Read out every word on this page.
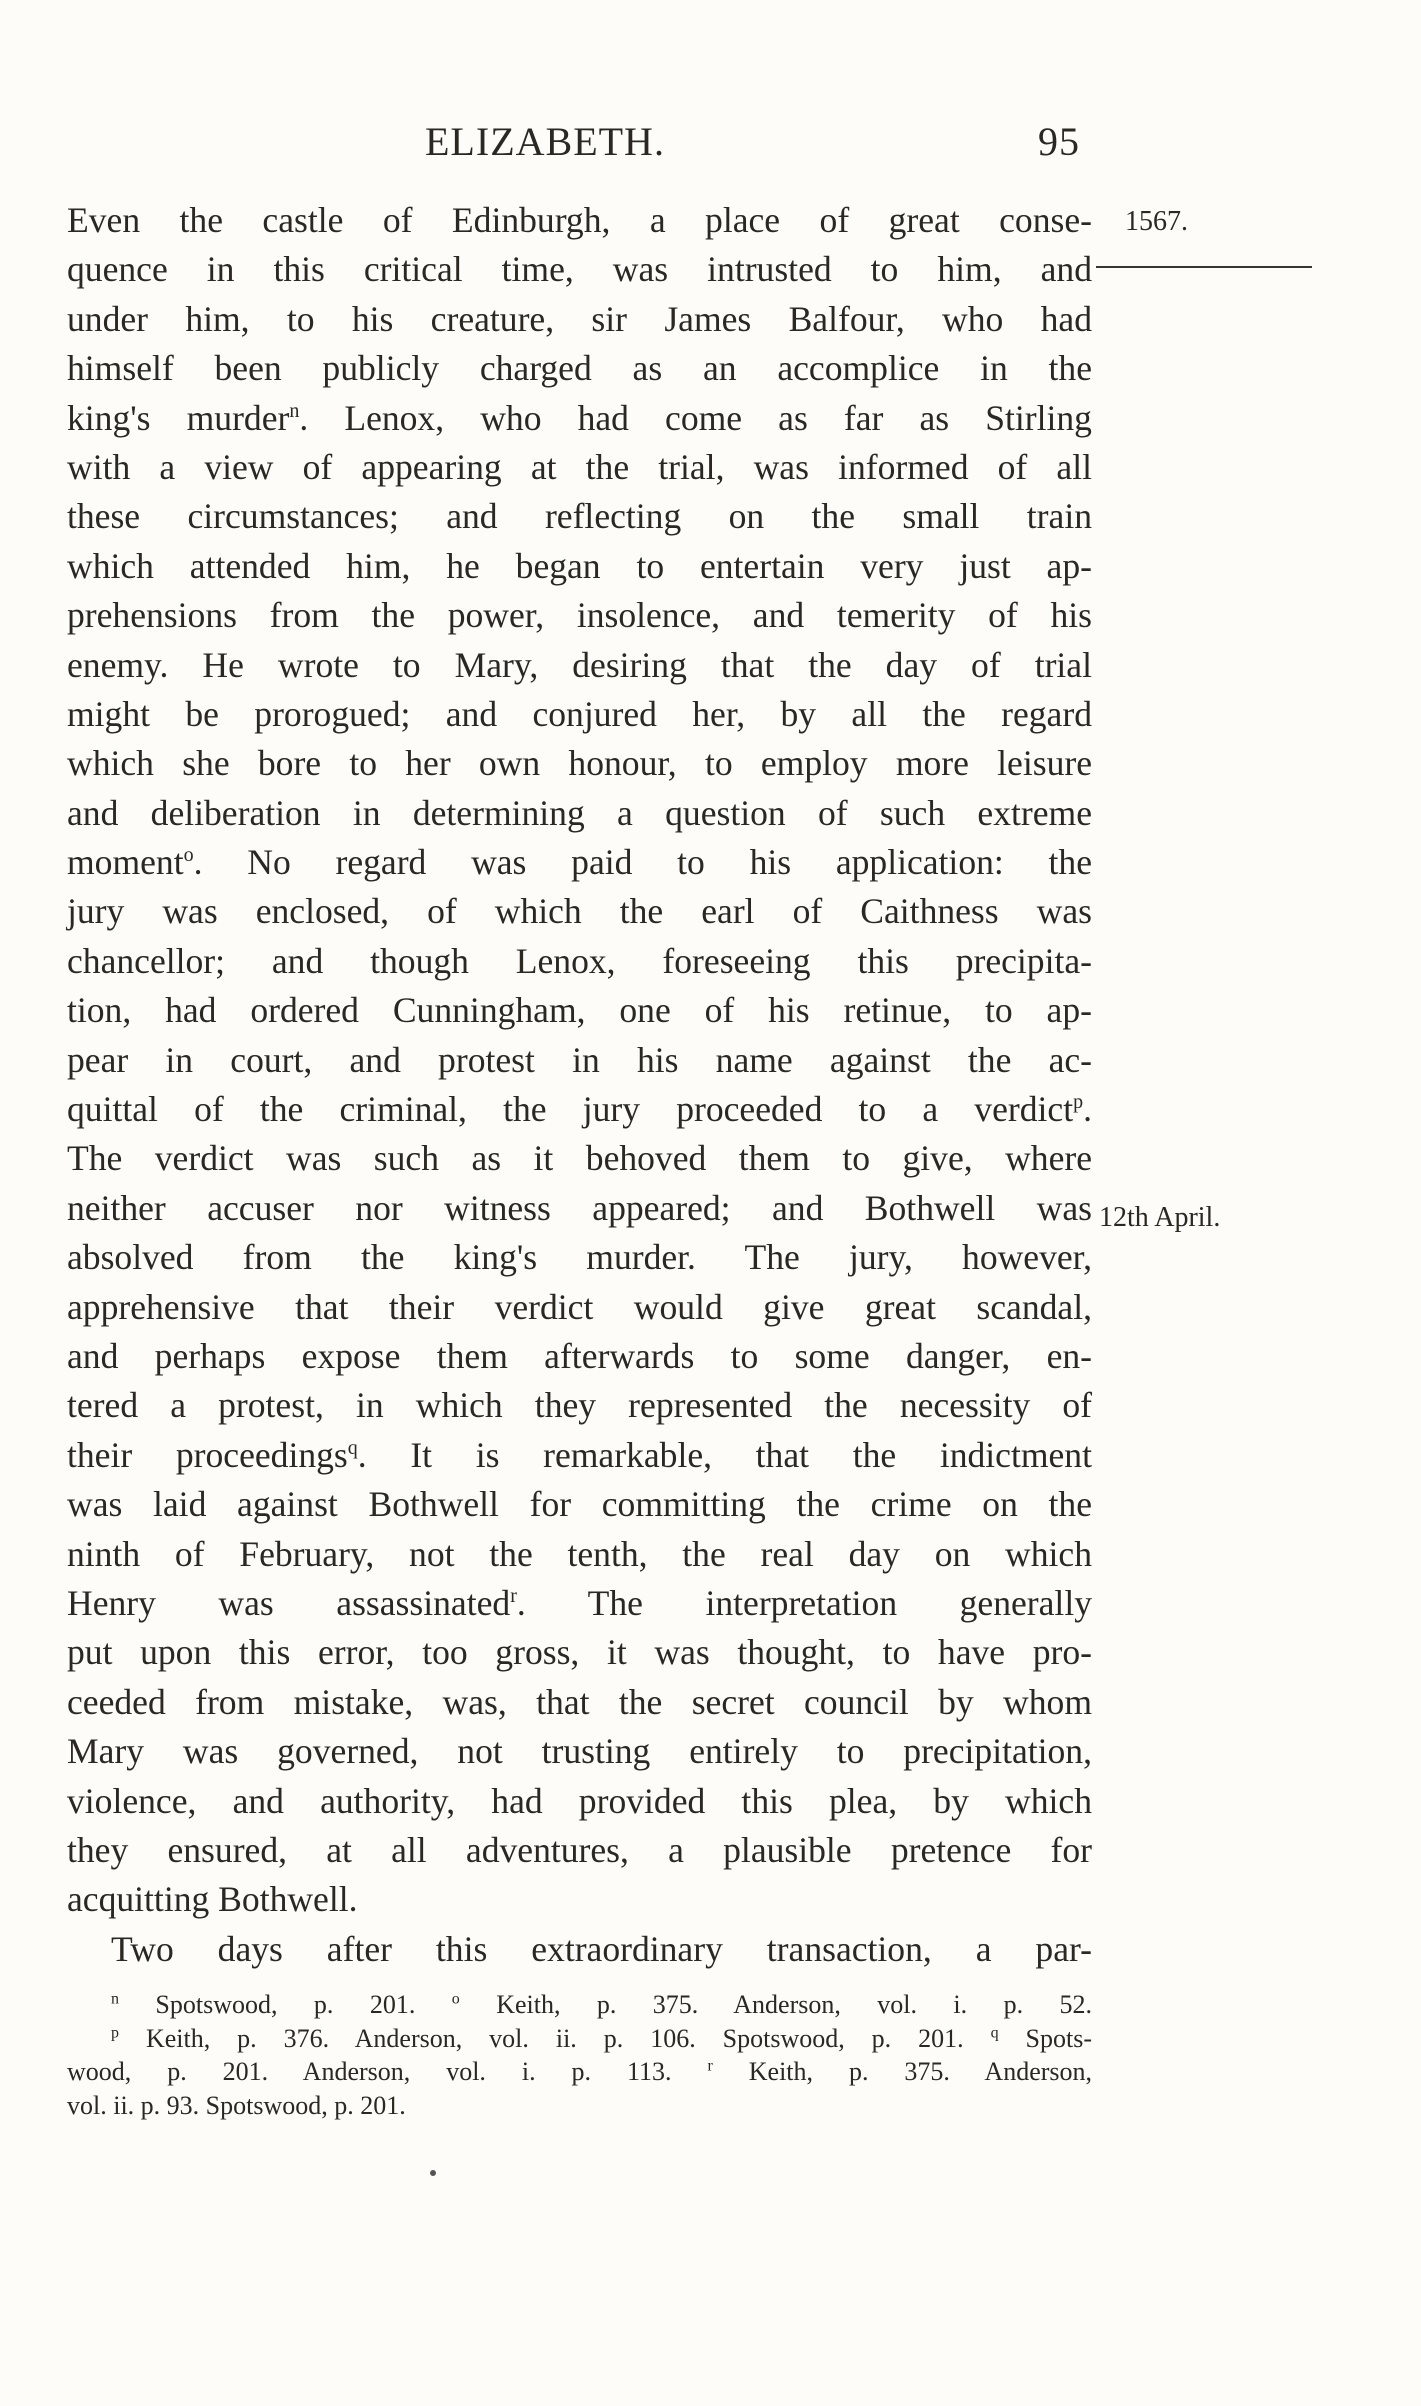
ELIZABETH.	95
1567.
12th April.
Even the castle of Edinburgh, a place of great conse-
quence in this critical time, was intrusted to him, and
under him, to his creature, sir James Balfour, who had
himself been publicly charged as an accomplice in the
king's murder$^n$. Lenox, who had come as far as Stirling
with a view of appearing at the trial, was informed of all
these circumstances; and reflecting on the small train
which attended him, he began to entertain very just ap-
prehensions from the power, insolence, and temerity of his
enemy. He wrote to Mary, desiring that the day of trial
might be prorogued; and conjured her, by all the regard
which she bore to her own honour, to employ more leisure
and deliberation in determining a question of such extreme
moment$^o$. No regard was paid to his application: the
jury was enclosed, of which the earl of Caithness was
chancellor; and though Lenox, foreseeing this precipita-
tion, had ordered Cunningham, one of his retinue, to ap-
pear in court, and protest in his name against the ac-
quittal of the criminal, the jury proceeded to a verdict$^p$.
The verdict was such as it behoved them to give, where
neither accuser nor witness appeared; and Bothwell was
absolved from the king's murder. The jury, however,
apprehensive that their verdict would give great scandal,
and perhaps expose them afterwards to some danger, en-
tered a protest, in which they represented the necessity of
their proceedings$^q$. It is remarkable, that the indictment
was laid against Bothwell for committing the crime on the
ninth of February, not the tenth, the real day on which
Henry was assassinated$^r$. The interpretation generally
put upon this error, too gross, it was thought, to have pro-
ceeded from mistake, was, that the secret council by whom
Mary was governed, not trusting entirely to precipitation,
violence, and authority, had provided this plea, by which
they ensured, at all adventures, a plausible pretence for
acquitting Bothwell.
Two days after this extraordinary transaction, a par-
$^n$ Spotswood, p. 201. $^o$ Keith, p. 375. Anderson, vol. i. p. 52.
$^p$ Keith, p. 376. Anderson, vol. ii. p. 106. Spotswood, p. 201. $^q$ Spots-
wood, p. 201. Anderson, vol. i. p. 113. $^r$ Keith, p. 375. Anderson,
vol. ii. p. 93. Spotswood, p. 201.
